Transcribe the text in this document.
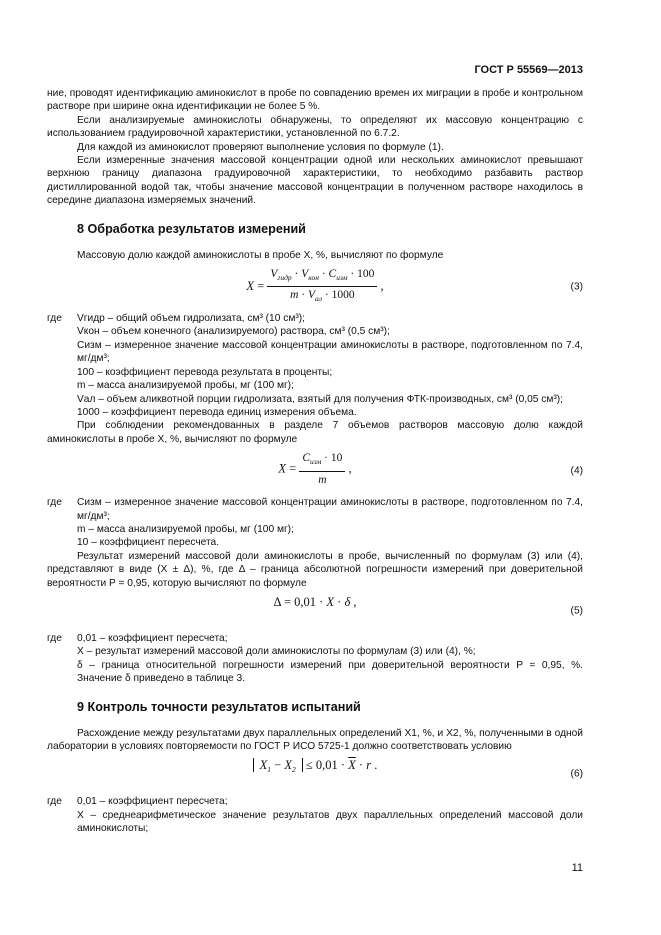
ГОСТ Р 55569—2013

ние, проводят идентификацию аминокислот в пробе по совпадению времен их миграции в пробе и контрольном растворе при ширине окна идентификации не более 5 %.

Если анализируемые аминокислоты обнаружены, то определяют их массовую концентрацию с использованием градуировочной характеристики, установленной по 6.7.2.

Для каждой из аминокислот проверяют выполнение условия по формуле (1).

Если измеренные значения массовой концентрации одной или нескольких аминокислот превышают верхнюю границу диапазона градуировочной характеристики, то необходимо разбавить раствор дистиллированной водой так, чтобы значение массовой концентрации в полученном растворе находилось в середине диапазона измеряемых значений.

8 Обработка результатов измерений

Массовую долю каждой аминокислоты в пробе X, %, вычисляют по формуле

$X = \frac{V_{гидр} \cdot V_{кон} \cdot C_{изм} \cdot 100}{m \cdot V_{ал} \cdot 1000}$ ,	(3)
где	Vгидр – общий объем гидролизата, см³ (10 см³);

Vкон – объем конечного (анализируемого) раствора, см³ (0,5 см³);

Сизм – измеренное значение массовой концентрации аминокислоты в растворе, подготовленном по 7.4, мг/дм³;

100 – коэффициент перевода результата в проценты;

m – масса анализируемой пробы, мг (100 мг);

Vал – объем аликвотной порции гидролизата, взятый для получения ФТК-производных, см³ (0,05 см³);

1000 – коэффициент перевода единиц измерения объема.

При соблюдении рекомендованных в разделе 7 объемов растворов массовую долю каждой аминокислоты в пробе X, %, вычисляют по формуле

$X = \frac{C_{изм} \cdot 10}{m}$ ,	(4)
где	Сизм – измеренное значение массовой концентрации аминокислоты в растворе, подготовленном по 7.4, мг/дм³;

m – масса анализируемой пробы, мг (100 мг);

10 – коэффициент пересчета.

Результат измерений массовой доли аминокислоты в пробе, вычисленный по формулам (3) или (4), представляют в виде (X ± Δ), %, где Δ – граница абсолютной погрешности измерений при доверительной вероятности P = 0,95, которую вычисляют по формуле

Δ = 0,01 · X · δ ,
(5)
где	0,01 – коэффициент пересчета;

X – результат измерений массовой доли аминокислоты по формулам (3) или (4), %;

δ – граница относительной погрешности измерений при доверительной вероятности P = 0,95, %. Значение δ приведено в таблице 3.

9 Контроль точности результатов испытаний

Расхождение между результатами двух параллельных определений X1, %, и X2, %, полученными в одной лаборатории в условиях повторяемости по ГОСТ Р ИСО 5725-1 должно соответствовать условию

$X_1 - X_2 \le 0,01 \cdot \overline{X} \cdot r$ .
(6)
где	0,01 – коэффициент пересчета;

X – среднеарифметическое значение результатов двух параллельных определений массовой доли аминокислоты;

11
